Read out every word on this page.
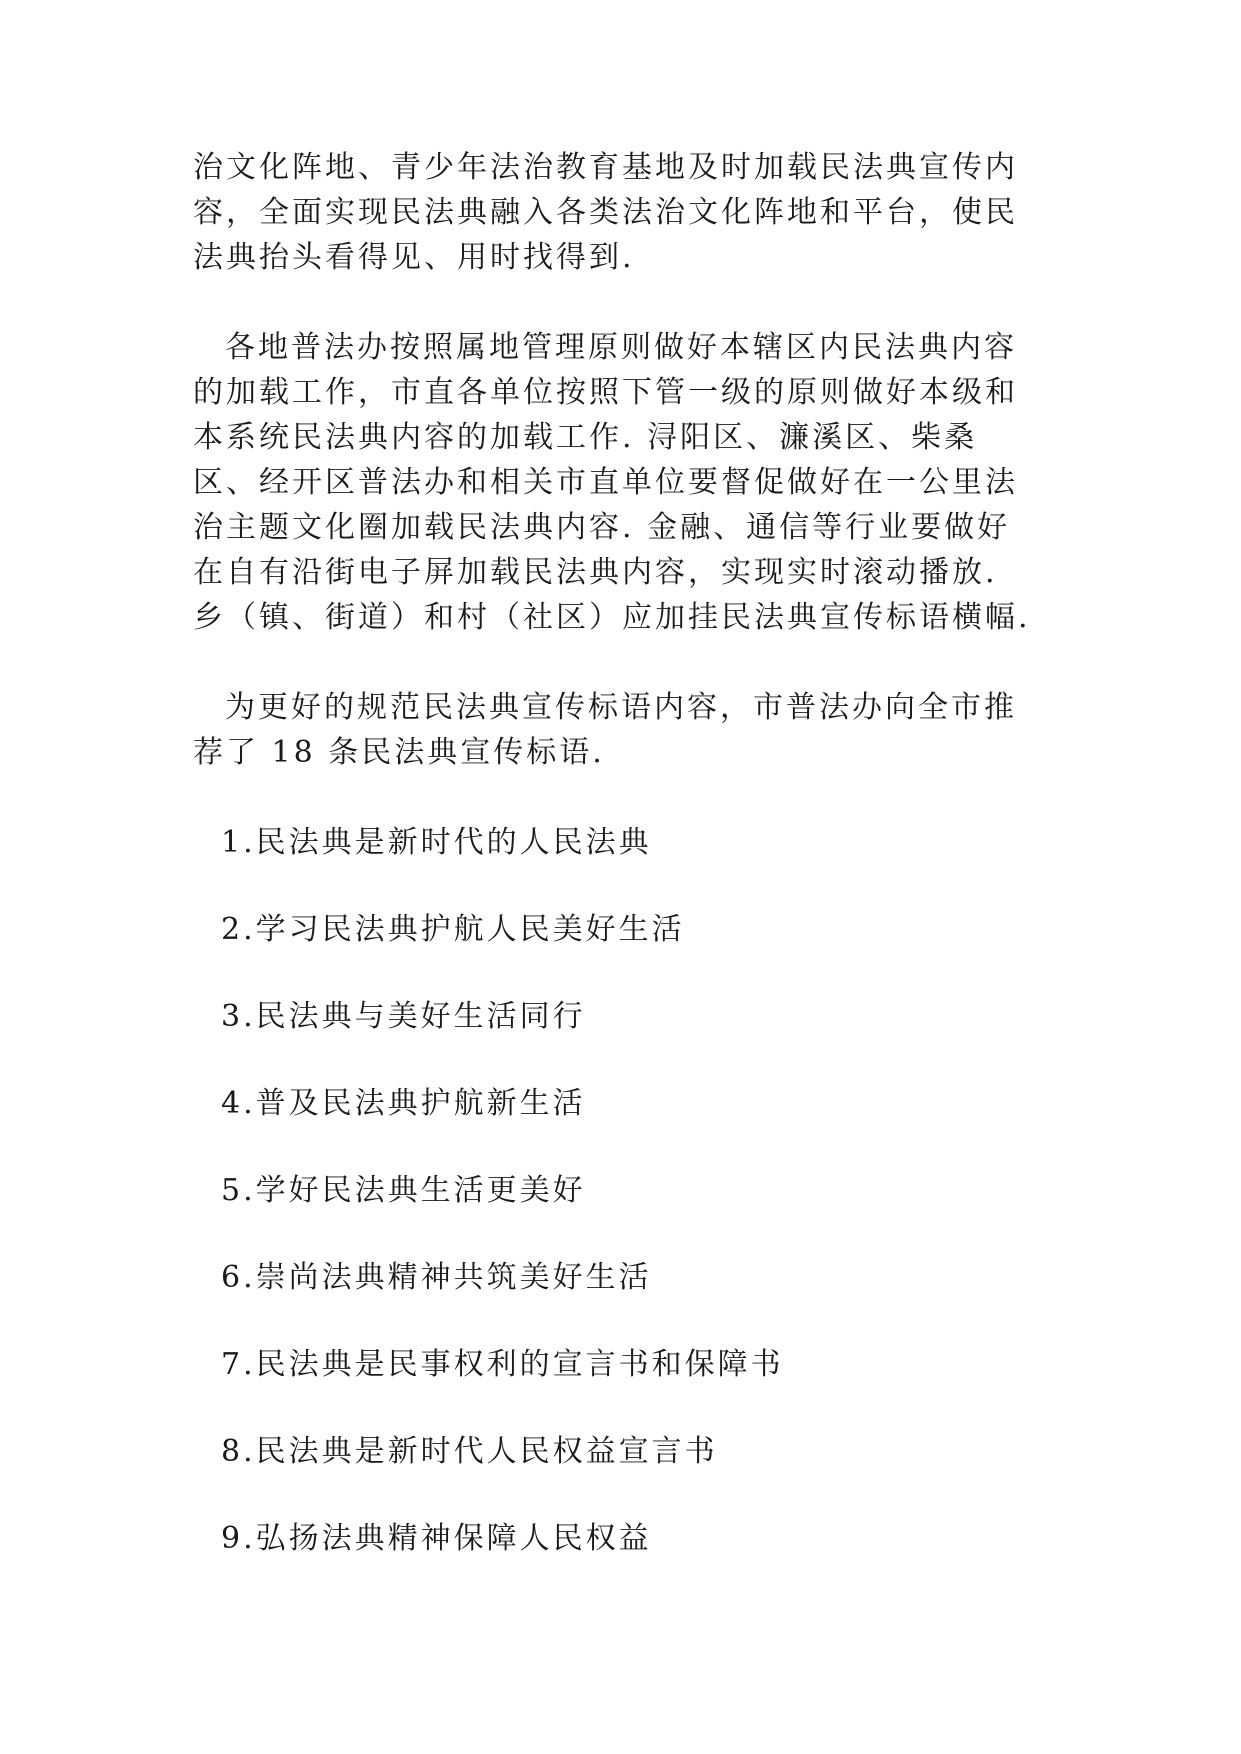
治文化阵地、青少年法治教育基地及时加载民法典宣传内
容，全面实现民法典融入各类法治文化阵地和平台，使民
法典抬头看得见、用时找得到.

各地普法办按照属地管理原则做好本辖区内民法典内容
的加载工作，市直各单位按照下管一级的原则做好本级和
本系统民法典内容的加载工作. 浔阳区、濂溪区、柴桑
区、经开区普法办和相关市直单位要督促做好在一公里法
治主题文化圈加载民法典内容. 金融、通信等行业要做好
在自有沿街电子屏加载民法典内容，实现实时滚动播放.
乡（镇、街道）和村（社区）应加挂民法典宣传标语横幅.

为更好的规范民法典宣传标语内容，市普法办向全市推
荐了 18 条民法典宣传标语.

1.民法典是新时代的人民法典
2.学习民法典护航人民美好生活
3.民法典与美好生活同行
4.普及民法典护航新生活
5.学好民法典生活更美好
6.崇尚法典精神共筑美好生活
7.民法典是民事权利的宣言书和保障书
8.民法典是新时代人民权益宣言书
9.弘扬法典精神保障人民权益
